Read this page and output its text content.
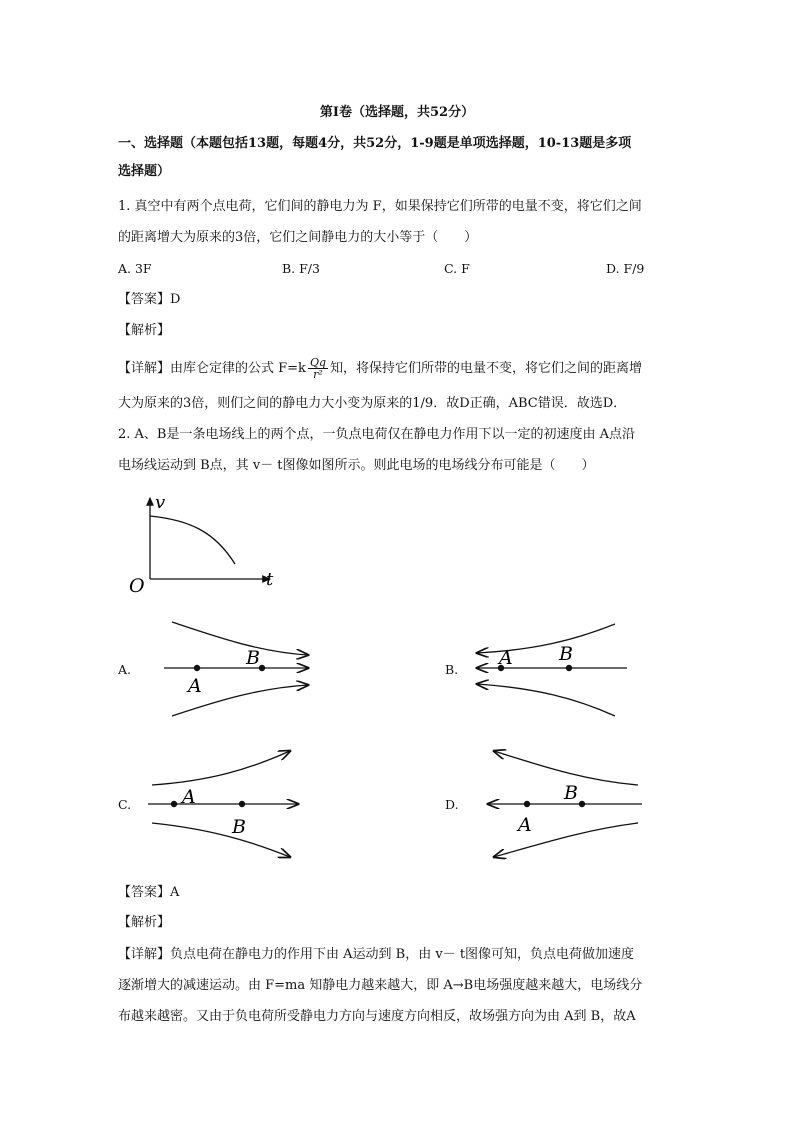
第Ⅰ卷（选择题，共52分）
一、选择题（本题包括13题，每题4分，共52分，1-9题是单项选择题，10-13题是多项
选择题）
1. 真空中有两个点电荷，它们间的静电力为 F，如果保持它们所带的电量不变，将它们之间
的距离增大为原来的3倍，它们之间静电力的大小等于（　　）
A. 3F	B. F/3	C. F	D. F/9
【答案】D
【解析】
【详解】由库仑定律的公式 $F=k \frac{Qq}{\text{r²}}$ 知，将保持它们所带的电量不变，将它们之间的距离增
大为原来的3倍，则们之间的静电力大小变为原来的1/9．故D正确，ABC错误．故选D．
2. A、B是一条电场线上的两个点，一负点电荷仅在静电力作用下以一定的初速度由 A点沿
电场线运动到 B点，其 v－ t图像如图所示。则此电场的电场线分布可能是（　　）
v
t
O
A.	B.
C.	D.
A
B	A B
A
B	A
B
【答案】A
【解析】
【详解】负点电荷在静电力的作用下由 A运动到 B，由 v－ t图像可知，负点电荷做加速度
逐渐增大的减速运动。由 F=ma 知静电力越来越大，即 A→B电场强度越来越大，电场线分
布越来越密。又由于负电荷所受静电力方向与速度方向相反，故场强方向为由 A到 B，故A
